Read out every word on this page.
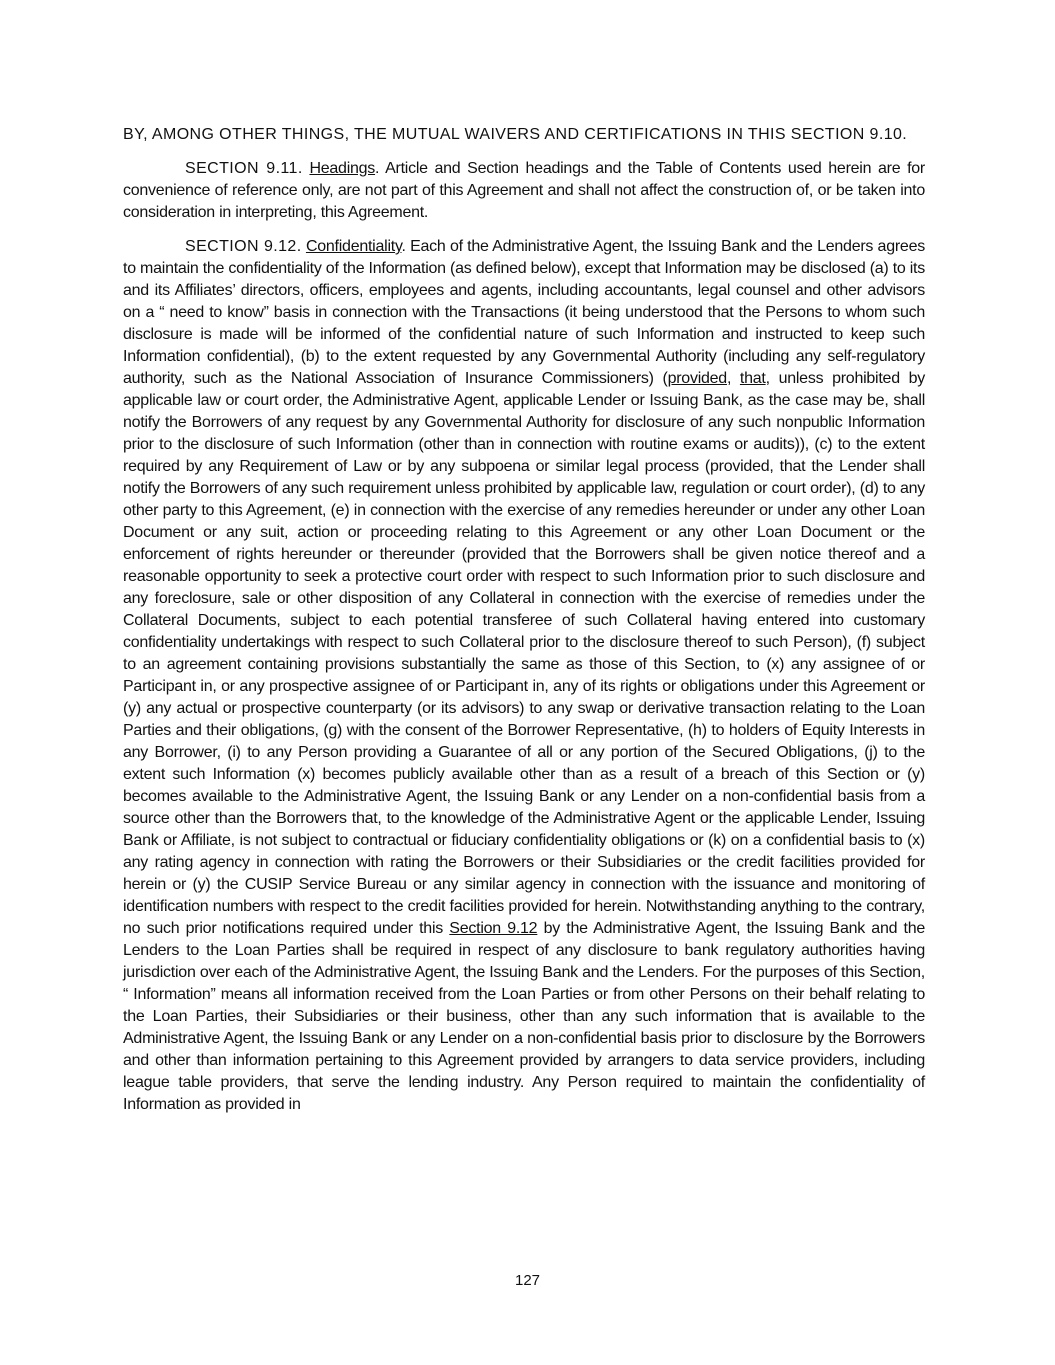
BY, AMONG OTHER THINGS, THE MUTUAL WAIVERS AND CERTIFICATIONS IN THIS SECTION 9.10.

SECTION 9.11. Headings. Article and Section headings and the Table of Contents used herein are for convenience of reference only, are not part of this Agreement and shall not affect the construction of, or be taken into consideration in interpreting, this Agreement.

SECTION 9.12. Confidentiality. Each of the Administrative Agent, the Issuing Bank and the Lenders agrees to maintain the confidentiality of the Information (as defined below), except that Information may be disclosed (a) to its and its Affiliates’ directors, officers, employees and agents, including accountants, legal counsel and other advisors on a “ need to know” basis in connection with the Transactions (it being understood that the Persons to whom such disclosure is made will be informed of the confidential nature of such Information and instructed to keep such Information confidential), (b) to the extent requested by any Governmental Authority (including any self-regulatory authority, such as the National Association of Insurance Commissioners) (provided, that, unless prohibited by applicable law or court order, the Administrative Agent, applicable Lender or Issuing Bank, as the case may be, shall notify the Borrowers of any request by any Governmental Authority for disclosure of any such nonpublic Information prior to the disclosure of such Information (other than in connection with routine exams or audits)), (c) to the extent required by any Requirement of Law or by any subpoena or similar legal process (provided, that the Lender shall notify the Borrowers of any such requirement unless prohibited by applicable law, regulation or court order), (d) to any other party to this Agreement, (e) in connection with the exercise of any remedies hereunder or under any other Loan Document or any suit, action or proceeding relating to this Agreement or any other Loan Document or the enforcement of rights hereunder or thereunder (provided that the Borrowers shall be given notice thereof and a reasonable opportunity to seek a protective court order with respect to such Information prior to such disclosure and any foreclosure, sale or other disposition of any Collateral in connection with the exercise of remedies under the Collateral Documents, subject to each potential transferee of such Collateral having entered into customary confidentiality undertakings with respect to such Collateral prior to the disclosure thereof to such Person), (f) subject to an agreement containing provisions substantially the same as those of this Section, to (x) any assignee of or Participant in, or any prospective assignee of or Participant in, any of its rights or obligations under this Agreement or (y) any actual or prospective counterparty (or its advisors) to any swap or derivative transaction relating to the Loan Parties and their obligations, (g) with the consent of the Borrower Representative, (h) to holders of Equity Interests in any Borrower, (i) to any Person providing a Guarantee of all or any portion of the Secured Obligations, (j) to the extent such Information (x) becomes publicly available other than as a result of a breach of this Section or (y) becomes available to the Administrative Agent, the Issuing Bank or any Lender on a non-confidential basis from a source other than the Borrowers that, to the knowledge of the Administrative Agent or the applicable Lender, Issuing Bank or Affiliate, is not subject to contractual or fiduciary confidentiality obligations or (k) on a confidential basis to (x) any rating agency in connection with rating the Borrowers or their Subsidiaries or the credit facilities provided for herein or (y) the CUSIP Service Bureau or any similar agency in connection with the issuance and monitoring of identification numbers with respect to the credit facilities provided for herein. Notwithstanding anything to the contrary, no such prior notifications required under this Section 9.12 by the Administrative Agent, the Issuing Bank and the Lenders to the Loan Parties shall be required in respect of any disclosure to bank regulatory authorities having jurisdiction over each of the Administrative Agent, the Issuing Bank and the Lenders. For the purposes of this Section, “ Information” means all information received from the Loan Parties or from other Persons on their behalf relating to the Loan Parties, their Subsidiaries or their business, other than any such information that is available to the Administrative Agent, the Issuing Bank or any Lender on a non-confidential basis prior to disclosure by the Borrowers and other than information pertaining to this Agreement provided by arrangers to data service providers, including league table providers, that serve the lending industry. Any Person required to maintain the confidentiality of Information as provided in

127
